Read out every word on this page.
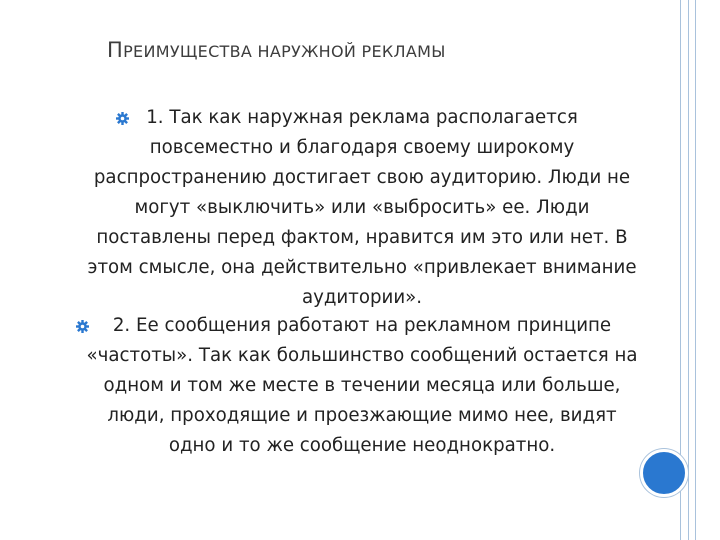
ПРЕИМУЩЕСТВА НАРУЖНОЙ РЕКЛАМЫ
1. Так как наружная реклама располагается повсеместно и благодаря своему широкому распространению достигает свою аудиторию. Люди не могут «выключить» или «выбросить» ее. Люди поставлены перед фактом, нравится им это или нет. В этом смысле, она действительно «привлекает внимание аудитории».
2. Ее сообщения работают на рекламном принципе «частоты». Так как большинство сообщений остается на одном и том же месте в течении месяца или больше, люди, проходящие и проезжающие мимо нее, видят одно и то же сообщение неоднократно.
